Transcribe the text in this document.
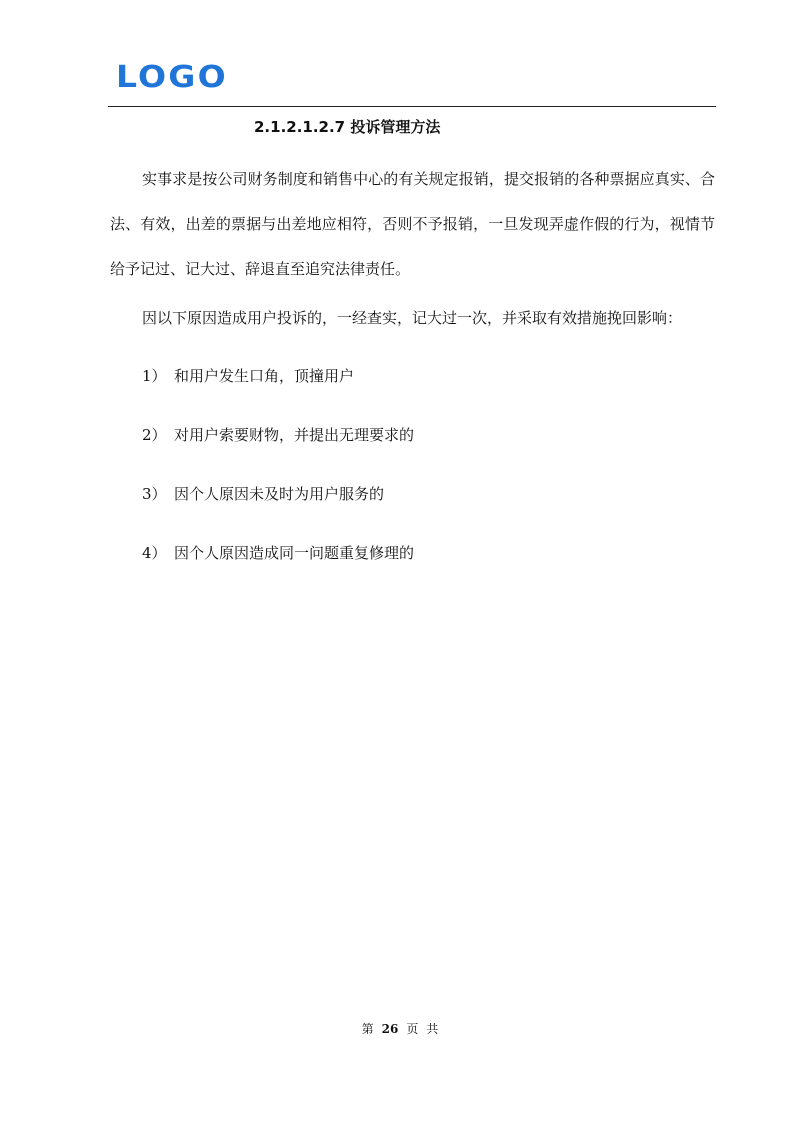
LOGO
2.1.2.1.2.7 投诉管理方法
实事求是按公司财务制度和销售中心的有关规定报销，提交报销的各种票据应真实、合法、有效，出差的票据与出差地应相符，否则不予报销，一旦发现弄虚作假的行为，视情节给予记过、记大过、辞退直至追究法律责任。
因以下原因造成用户投诉的，一经查实，记大过一次，并采取有效措施挽回影响：
1） 和用户发生口角，顶撞用户
2） 对用户索要财物，并提出无理要求的
3） 因个人原因未及时为用户服务的
4） 因个人原因造成同一问题重复修理的
第 26 页 共
